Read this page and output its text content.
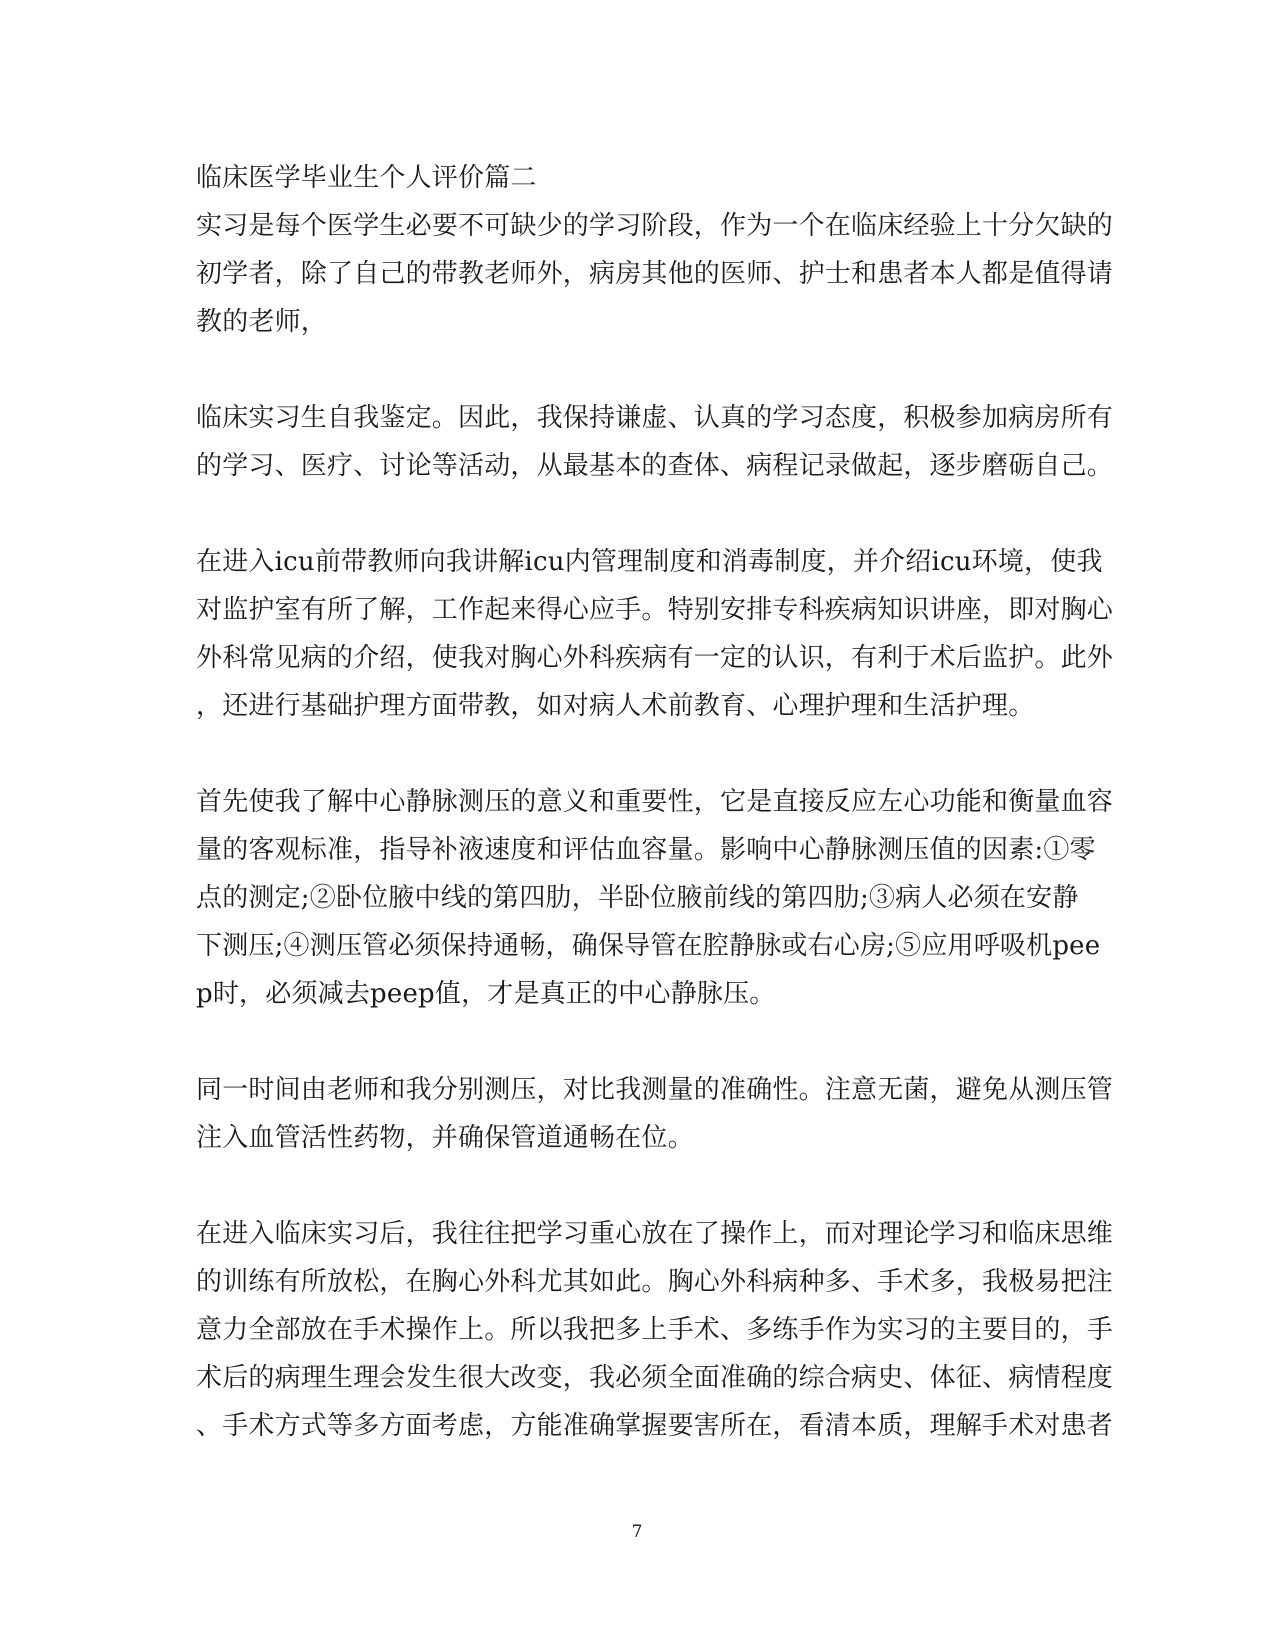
临床医学毕业生个人评价篇二
实习是每个医学生必要不可缺少的学习阶段，作为一个在临床经验上十分欠缺的
初学者，除了自己的带教老师外，病房其他的医师、护士和患者本人都是值得请
教的老师，
临床实习生自我鉴定。因此，我保持谦虚、认真的学习态度，积极参加病房所有
的学习、医疗、讨论等活动，从最基本的查体、病程记录做起，逐步磨砺自己。
在进入icu前带教师向我讲解icu内管理制度和消毒制度，并介绍icu环境，使我
对监护室有所了解，工作起来得心应手。特别安排专科疾病知识讲座，即对胸心
外科常见病的介绍，使我对胸心外科疾病有一定的认识，有利于术后监护。此外
，还进行基础护理方面带教，如对病人术前教育、心理护理和生活护理。
首先使我了解中心静脉测压的意义和重要性，它是直接反应左心功能和衡量血容
量的客观标准，指导补液速度和评估血容量。影响中心静脉测压值的因素:①零
点的测定;②卧位腋中线的第四肋，半卧位腋前线的第四肋;③病人必须在安静
下测压;④测压管必须保持通畅，确保导管在腔静脉或右心房;⑤应用呼吸机pee
p时，必须减去peep值，才是真正的中心静脉压。
同一时间由老师和我分别测压，对比我测量的准确性。注意无菌，避免从测压管
注入血管活性药物，并确保管道通畅在位。
在进入临床实习后，我往往把学习重心放在了操作上，而对理论学习和临床思维
的训练有所放松，在胸心外科尤其如此。胸心外科病种多、手术多，我极易把注
意力全部放在手术操作上。所以我把多上手术、多练手作为实习的主要目的，手
术后的病理生理会发生很大改变，我必须全面准确的综合病史、体征、病情程度
、手术方式等多方面考虑，方能准确掌握要害所在，看清本质，理解手术对患者
7
